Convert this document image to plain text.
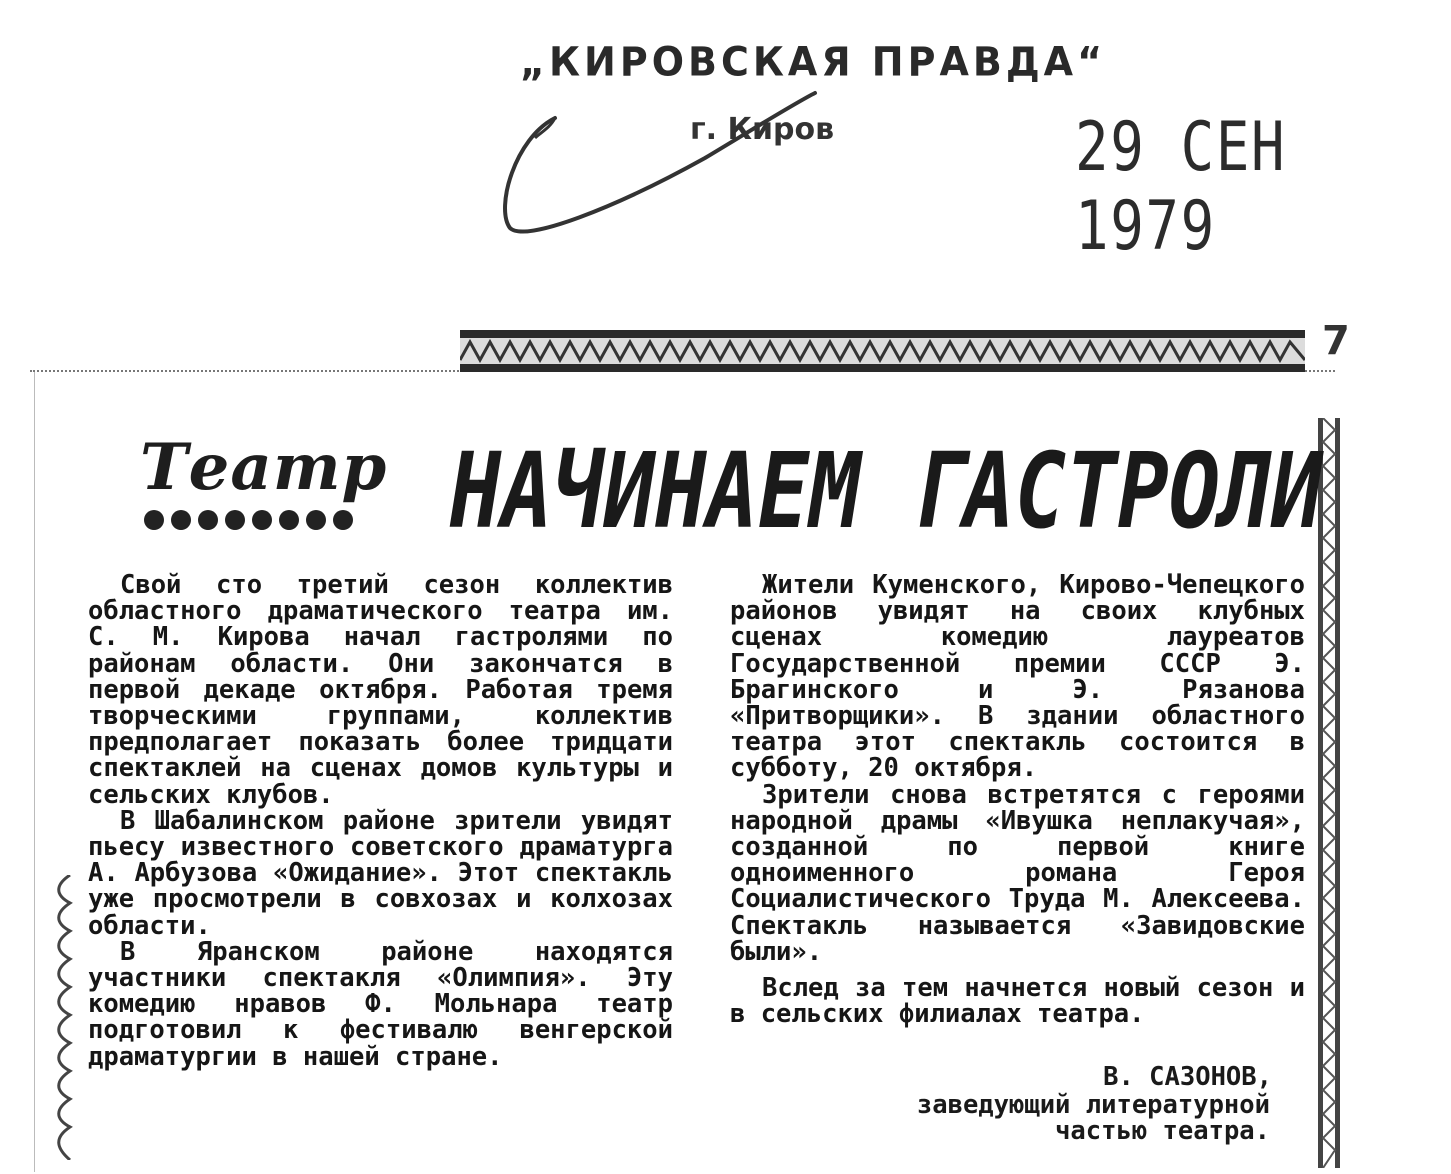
„КИРОВСКАЯ ПРАВДА“
г. Киров	29 СЕН 1979
7
Театр НАЧИНАЕМ ГАСТРОЛИ

Свой сто третий сезон коллектив областного драматического театра им. С. М. Кирова начал гастролями по районам области. Они закончатся в первой декаде октября. Работая тремя творческими группами, коллектив предполагает показать более тридцати спектаклей на сценах домов культуры и сельских клубов.

В Шабалинском районе зрители увидят пьесу известного советского драматурга А. Арбузова «Ожидание». Этот спектакль уже просмотрели в совхозах и колхозах области.

В Яранском районе находятся участники спектакля «Олимпия». Эту комедию нравов Ф. Мольнара театр подготовил к фестивалю венгерской драматургии в нашей стране.

Жители Куменского, Кирово-Чепецкого районов увидят на своих клубных сценах комедию лауреатов Государственной премии СССР Э. Брагинского и Э. Рязанова «Притворщики». В здании областного театра этот спектакль состоится в субботу, 20 октября.

Зрители снова встретятся с героями народной драмы «Ивушка неплакучая», созданной по первой книге одноименного романа Героя Социалистического Труда М. Алексеева. Спектакль называется «Завидовские были».

Вслед за тем начнется новый сезон и в сельских филиалах театра.

В. САЗОНОВ,
заведующий литературной
частью театра.
